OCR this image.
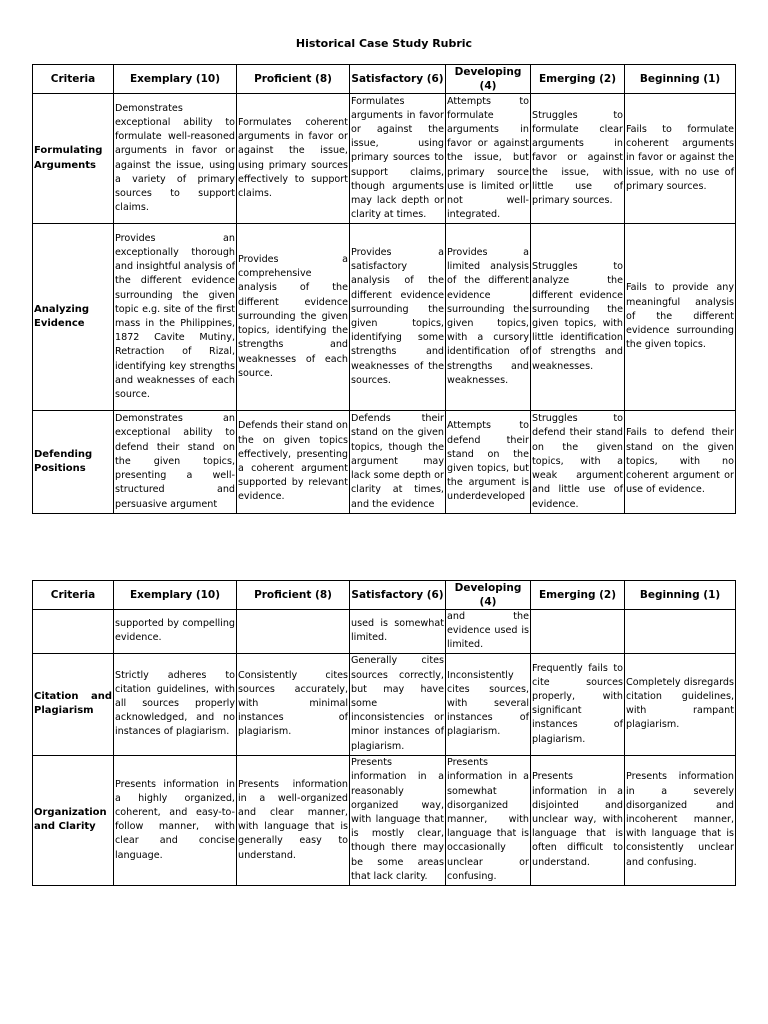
Historical Case Study Rubric
Criteria	Exemplary (10)	Proficient (8)	Satisfactory (6)	Developing (4)	Emerging (2)	Beginning (1)
Formulating Arguments	Demonstrates exceptional ability to formulate well-reasoned arguments in favor or against the issue, using a variety of primary sources to support claims.	Formulates coherent arguments in favor or against the issue, using primary sources effectively to support claims.	Formulates arguments in favor or against the issue, using primary sources to support claims, though arguments may lack depth or clarity at times.	Attempts to formulate arguments in favor or against the issue, but primary source use is limited or not well-integrated.	Struggles to formulate clear arguments in favor or against the issue, with little use of primary sources.	Fails to formulate coherent arguments in favor or against the issue, with no use of primary sources.
Analyzing Evidence	Provides an exceptionally thorough and insightful analysis of the different evidence surrounding the given topic e.g. site of the first mass in the Philippines, 1872 Cavite Mutiny, Retraction of Rizal, identifying key strengths and weaknesses of each source.	Provides a comprehensive analysis of the different evidence surrounding the given topics, identifying the strengths and weaknesses of each source.	Provides a satisfactory analysis of the different evidence surrounding the given topics, identifying some strengths and weaknesses of the sources.	Provides a limited analysis of the different evidence surrounding the given topics, with a cursory identification of strengths and weaknesses.	Struggles to analyze the different evidence surrounding the given topics, with little identification of strengths and weaknesses.	Fails to provide any meaningful analysis of the different evidence surrounding the given topics.
Defending Positions	Demonstrates an exceptional ability to defend their stand on the given topics, presenting a well-structured and persuasive argument	Defends their stand on the on given topics effectively, presenting a coherent argument supported by relevant evidence.	Defends their stand on the given topics, though the argument may lack some depth or clarity at times, and the evidence	Attempts to defend their stand on the given topics, but the argument is underdeveloped	Struggles to defend their stand on the given topics, with a weak argument and little use of evidence.	Fails to defend their stand on the given topics, with no coherent argument or use of evidence.
Criteria	Exemplary (10)	Proficient (8)	Satisfactory (6)	Developing (4)	Emerging (2)	Beginning (1)
	supported by compelling evidence.		used is somewhat limited.	and the evidence used is limited.		
Citation and Plagiarism	Strictly adheres to citation guidelines, with all sources properly acknowledged, and no instances of plagiarism.	Consistently cites sources accurately, with minimal instances of plagiarism.	Generally cites sources correctly, but may have some inconsistencies or minor instances of plagiarism.	Inconsistently cites sources, with several instances of plagiarism.	Frequently fails to cite sources properly, with significant instances of plagiarism.	Completely disregards citation guidelines, with rampant plagiarism.
Organization and Clarity	Presents information in a highly organized, coherent, and easy-to-follow manner, with clear and concise language.	Presents information in a well-organized and clear manner, with language that is generally easy to understand.	Presents information in a reasonably organized way, with language that is mostly clear, though there may be some areas that lack clarity.	Presents information in a somewhat disorganized manner, with language that is occasionally unclear or confusing.	Presents information in a disjointed and unclear way, with language that is often difficult to understand.	Presents information in a severely disorganized and incoherent manner, with language that is consistently unclear and confusing.
